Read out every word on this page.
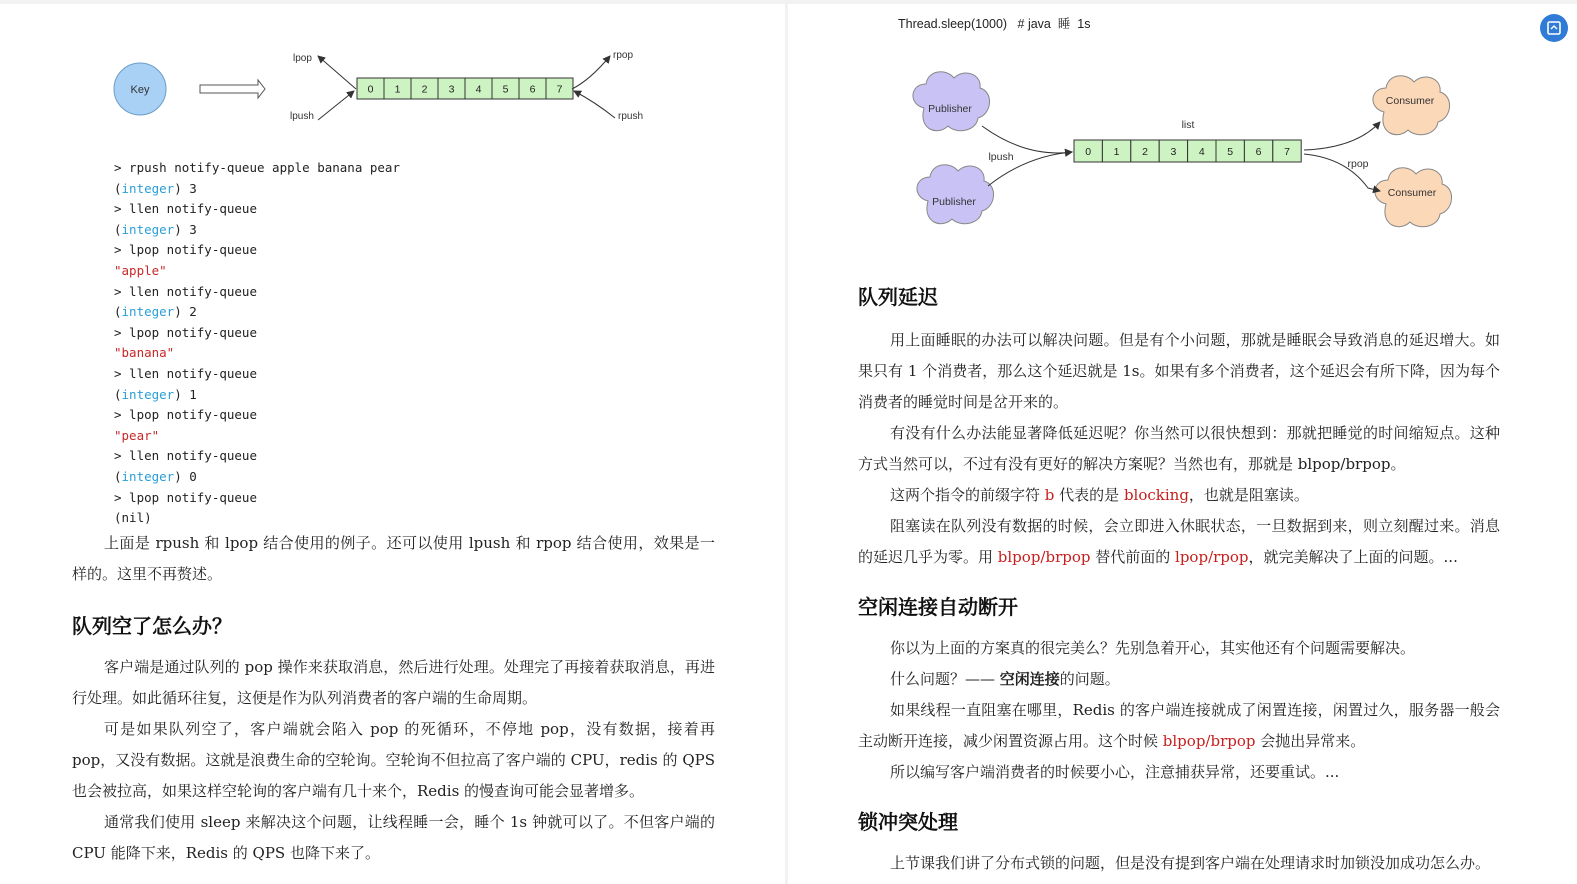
Key	0 1 2 3 4 5 6 7
lpop
lpush
rpop
rpush
> rpush notify-queue apple banana pear
(integer) 3
> llen notify-queue
(integer) 3
> lpop notify-queue
"apple"
> llen notify-queue
(integer) 2
> lpop notify-queue
"banana"
> llen notify-queue
(integer) 1
> lpop notify-queue
"pear"
> llen notify-queue
(integer) 0
> lpop notify-queue
(nil)

上面是 rpush 和 lpop 结合使用的例子。还可以使用 lpush 和 rpop 结合使用，效果是一样的。这里不再赘述。

队列空了怎么办？

客户端是通过队列的 pop 操作来获取消息，然后进行处理。处理完了再接着获取消息，再进行处理。如此循环往复，这便是作为队列消费者的客户端的生命周期。

可是如果队列空了，客户端就会陷入 pop 的死循环，不停地 pop，没有数据，接着再 pop，又没有数据。这就是浪费生命的空轮询。空轮询不但拉高了客户端的 CPU，redis 的 QPS 也会被拉高，如果这样空轮询的客户端有几十来个，Redis 的慢查询可能会显著增多。

通常我们使用 sleep 来解决这个问题，让线程睡一会，睡个 1s 钟就可以了。不但客户端的 CPU 能降下来，Redis 的 QPS 也降下来了。

Thread.sleep(1000)   # java  睡  1s
Publisher
Publisher
Consumer
Consumer
0 1 2 3 4 5 6 7
list
lpush
rpop
队列延迟

用上面睡眠的办法可以解决问题。但是有个小问题，那就是睡眠会导致消息的延迟增大。如果只有 1 个消费者，那么这个延迟就是 1s。如果有多个消费者，这个延迟会有所下降，因为每个消费者的睡觉时间是岔开来的。

有没有什么办法能显著降低延迟呢？你当然可以很快想到：那就把睡觉的时间缩短点。这种方式当然可以，不过有没有更好的解决方案呢？当然也有，那就是 blpop/brpop。

这两个指令的前缀字符 b 代表的是 blocking，也就是阻塞读。

阻塞读在队列没有数据的时候，会立即进入休眠状态，一旦数据到来，则立刻醒过来。消息的延迟几乎为零。用 blpop/brpop 替代前面的 lpop/rpop，就完美解决了上面的问题。...

空闲连接自动断开

你以为上面的方案真的很完美么？先别急着开心，其实他还有个问题需要解决。

什么问题？—— 空闲连接的问题。

如果线程一直阻塞在哪里，Redis 的客户端连接就成了闲置连接，闲置过久，服务器一般会主动断开连接，减少闲置资源占用。这个时候 blpop/brpop 会抛出异常来。

所以编写客户端消费者的时候要小心，注意捕获异常，还要重试。...

锁冲突处理

上节课我们讲了分布式锁的问题，但是没有提到客户端在处理请求时加锁没加成功怎么办。
